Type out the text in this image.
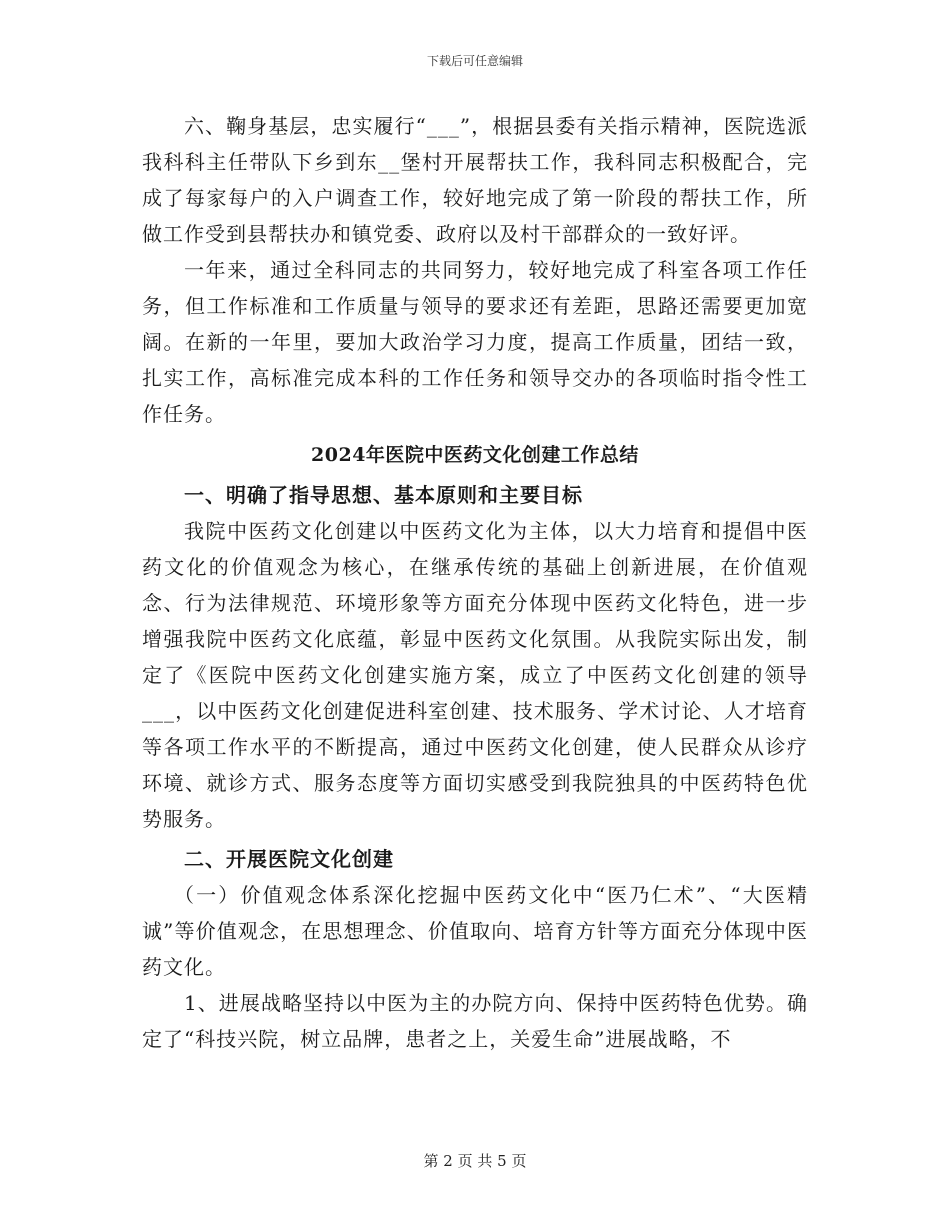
下载后可任意编辑

六、鞠身基层，忠实履行“___”，根据县委有关指示精神，医院选派我科科主任带队下乡到东__堡村开展帮扶工作，我科同志积极配合，完成了每家每户的入户调查工作，较好地完成了第一阶段的帮扶工作，所做工作受到县帮扶办和镇党委、政府以及村干部群众的一致好评。

一年来，通过全科同志的共同努力，较好地完成了科室各项工作任务，但工作标准和工作质量与领导的要求还有差距，思路还需要更加宽阔。在新的一年里，要加大政治学习力度，提高工作质量，团结一致，扎实工作，高标准完成本科的工作任务和领导交办的各项临时指令性工作任务。

2024年医院中医药文化创建工作总结

一、明确了指导思想、基本原则和主要目标

我院中医药文化创建以中医药文化为主体，以大力培育和提倡中医药文化的价值观念为核心，在继承传统的基础上创新进展，在价值观念、行为法律规范、环境形象等方面充分体现中医药文化特色，进一步增强我院中医药文化底蕴，彰显中医药文化氛围。从我院实际出发，制定了《医院中医药文化创建实施方案，成立了中医药文化创建的领导___，以中医药文化创建促进科室创建、技术服务、学术讨论、人才培育等各项工作水平的不断提高，通过中医药文化创建，使人民群众从诊疗环境、就诊方式、服务态度等方面切实感受到我院独具的中医药特色优势服务。

二、开展医院文化创建

（一）价值观念体系深化挖掘中医药文化中“医乃仁术”、“大医精诚”等价值观念，在思想理念、价值取向、培育方针等方面充分体现中医药文化。

1、进展战略坚持以中医为主的办院方向、保持中医药特色优势。确定了“科技兴院，树立品牌，患者之上，关爱生命”进展战略，不

第 2 页 共 5 页
